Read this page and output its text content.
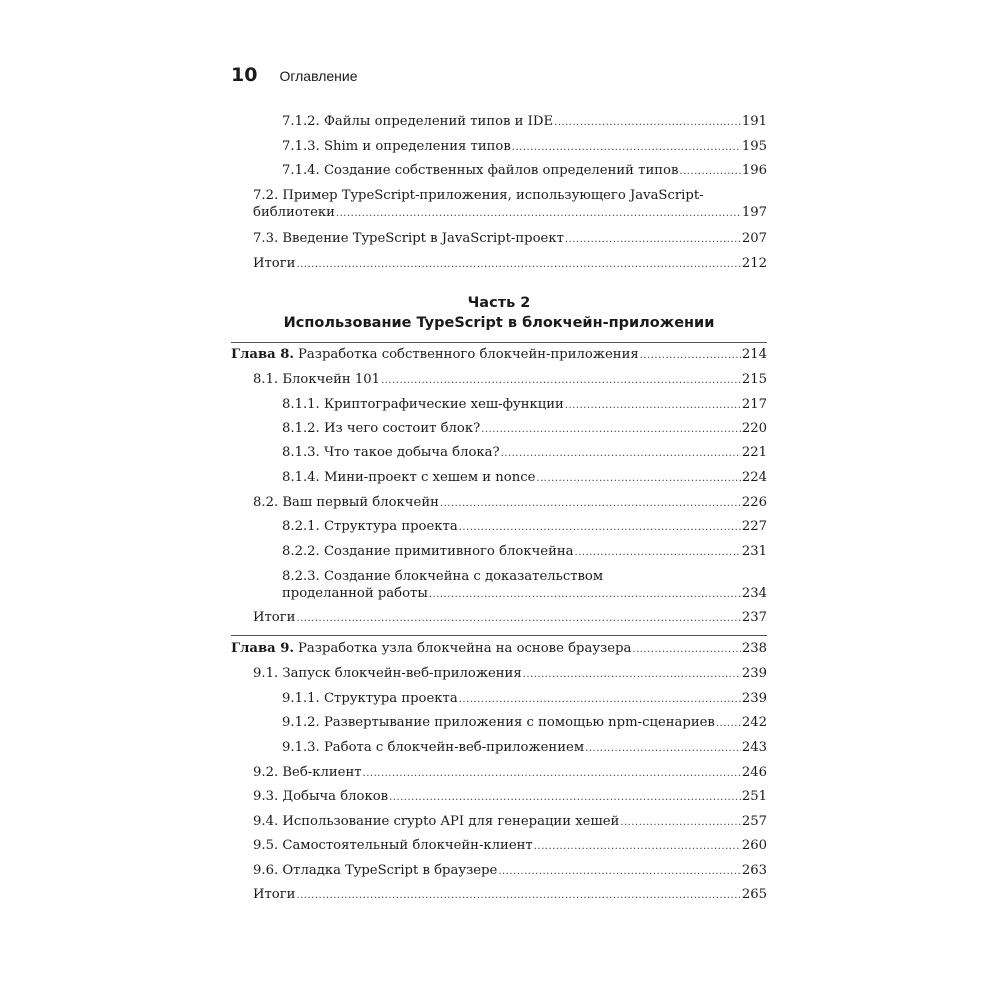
10 Оглавление
7.1.2. Файлы определений типов и IDE .....	191
7.1.3. Shim и определения типов .....	195
7.1.4. Создание собственных файлов определений типов .....	196
7.2. Пример TypeScript-приложения, использующего JavaScript-
библиотеки .....	197
7.3. Введение TypeScript в JavaScript-проект .....	207
Итоги .....	212
Глава 8. Разработка собственного блокчейн-приложения .....	214
8.1. Блокчейн 101 .....	215
8.1.1. Криптографические хеш-функции .....	217
8.1.2. Из чего состоит блок? .....	220
8.1.3. Что такое добыча блока? .....	221
8.1.4. Мини-проект с хешем и nonce .....	224
8.2. Ваш первый блокчейн .....	226
8.2.1. Структура проекта .....	227
8.2.2. Создание примитивного блокчейна .....	231
8.2.3. Создание блокчейна с доказательством
проделанной работы .....	234
Итоги .....	237
Глава 9. Разработка узла блокчейна на основе браузера .....	238
9.1. Запуск блокчейн-веб-приложения .....	239
9.1.1. Структура проекта .....	239
9.1.2. Развертывание приложения с помощью npm-сценариев ..... 242
9.1.3. Работа с блокчейн-веб-приложением .....	243
9.2. Веб-клиент .....	246
9.3. Добыча блоков .....	251
9.4. Использование crypto API для генерации хешей .....	257
9.5. Самостоятельный блокчейн-клиент .....	260
9.6. Отладка TypeScript в браузере .....	263
Итоги .....	265
Часть 2
Использование TypeScript в блокчейн-приложении
